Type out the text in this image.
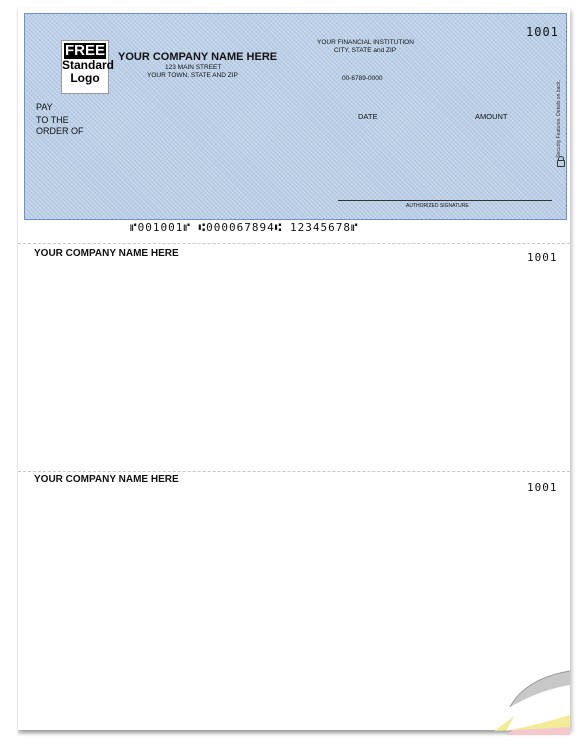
FREE
Standard
Logo
YOUR COMPANY NAME HERE
123 MAIN STREET
YOUR TOWN, STATE AND ZIP
YOUR FINANCIAL INSTITUTION
CITY, STATE and ZIP
00-6789-0000
1001
PAY
TO THE
ORDER OF
DATE	AMOUNT
AUTHORIZED SIGNATURE
Security Features. Details on back.
⑈001001⑈ ⑆000067894⑆ 12345678⑈
YOUR COMPANY NAME HERE	1001
YOUR COMPANY NAME HERE
1001
